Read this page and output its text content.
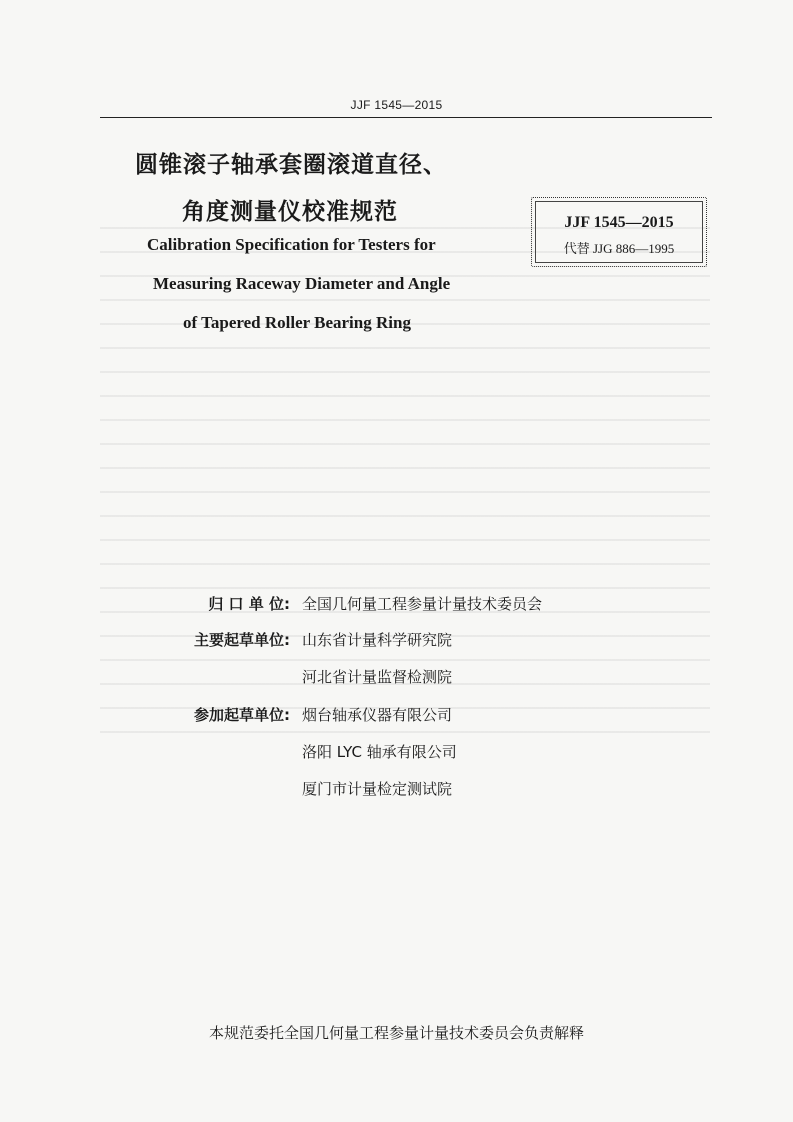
JJF 1545—2015
圆锥滚子轴承套圈滚道直径、
角度测量仪校准规范	JJF 1545—2015
代替 JJG 886—1995
Calibration Specification for Testers for
Measuring Raceway Diameter and Angle
of Tapered Roller Bearing Ring
归 口 单 位: 全国几何量工程参量计量技术委员会
主要起草单位: 山东省计量科学研究院
河北省计量监督检测院
参加起草单位: 烟台轴承仪器有限公司
洛阳 LYC 轴承有限公司
厦门市计量检定测试院
本规范委托全国几何量工程参量计量技术委员会负责解释
